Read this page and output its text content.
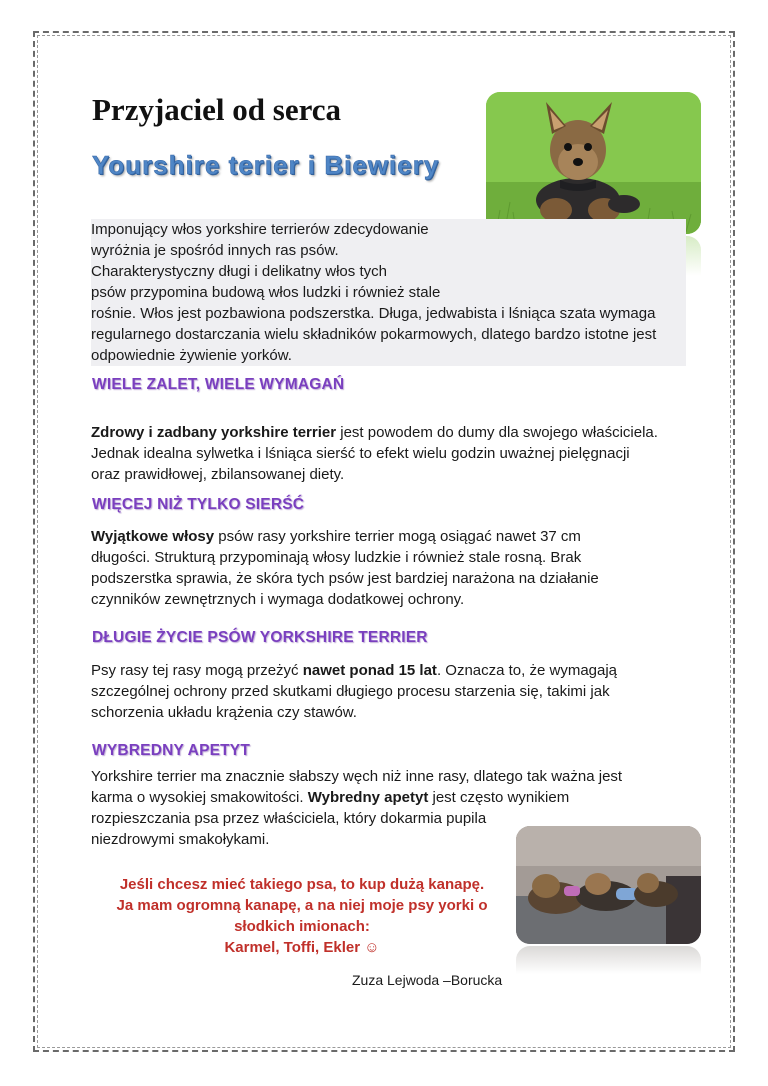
Przyjaciel od serca
Yourshire terier i Biewiery
Imponujący włos yorkshire terrierów zdecydowanie
wyróżnia je spośród innych ras psów.
Charakterystyczny długi i delikatny włos tych
psów przypomina budową włos ludzki i również stale
rośnie. Włos jest pozbawiona podszerstka. Długa, jedwabista i lśniąca szata wymaga
regularnego dostarczania wielu składników pokarmowych, dlatego bardzo istotne jest
odpowiednie żywienie yorków.
WIELE ZALET, WIELE WYMAGAŃ
Zdrowy i zadbany yorkshire terrier jest powodem do dumy dla swojego właściciela.
Jednak idealna sylwetka i lśniąca sierść to efekt wielu godzin uważnej pielęgnacji
oraz prawidłowej, zbilansowanej diety.
WIĘCEJ NIŻ TYLKO SIERŚĆ
Wyjątkowe włosy psów rasy yorkshire terrier mogą osiągać nawet 37 cm
długości. Strukturą przypominają włosy ludzkie i również stale rosną. Brak
podszerstka sprawia, że skóra tych psów jest bardziej narażona na działanie
czynników zewnętrznych i wymaga dodatkowej ochrony.
DŁUGIE ŻYCIE PSÓW YORKSHIRE TERRIER
Psy rasy tej rasy mogą przeżyć nawet ponad 15 lat. Oznacza to, że wymagają
szczególnej ochrony przed skutkami długiego procesu starzenia się, takimi jak
schorzenia układu krążenia czy stawów.
WYBREDNY APETYT
Yorkshire terrier ma znacznie słabszy węch niż inne rasy, dlatego tak ważna jest
karma o wysokiej smakowitości. Wybredny apetyt jest często wynikiem
rozpieszczania psa przez właściciela, który dokarmia pupila
niezdrowymi smakołykami.
Jeśli chcesz mieć takiego psa, to kup dużą kanapę.
Ja mam ogromną kanapę, a na niej moje psy yorki o
słodkich imionach:
Karmel, Toffi, Ekler ☺

Zuza Lejwoda –Borucka
